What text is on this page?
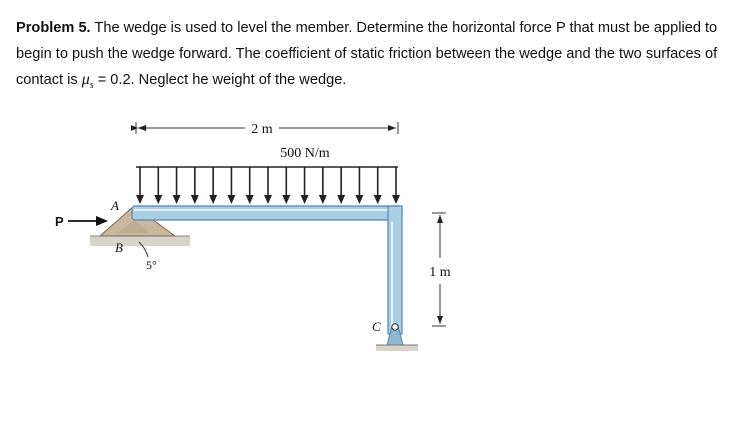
Problem 5. The wedge is used to level the member. Determine the horizontal force P that must be applied to begin to push the wedge forward. The coefficient of static friction between the wedge and the two surfaces of contact is $\mu_s = 0.2$. Neglect he weight of the wedge.

2 m
500 N/m
1 m
P
A
B
C
5°
